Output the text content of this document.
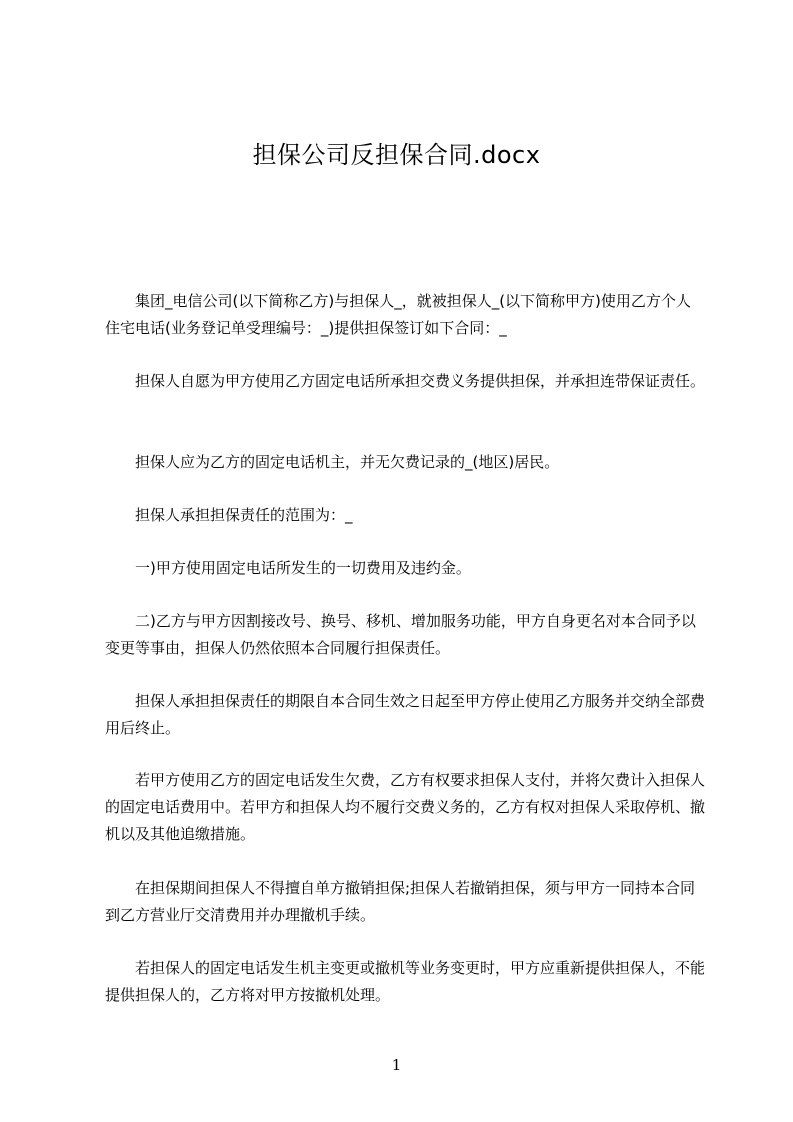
担保公司反担保合同.docx

集团_电信公司(以下简称乙方)与担保人_，就被担保人_(以下简称甲方)使用乙方个人住宅电话(业务登记单受理编号：_)提供担保签订如下合同：_

担保人自愿为甲方使用乙方固定电话所承担交费义务提供担保，并承担连带保证责任。

担保人应为乙方的固定电话机主，并无欠费记录的_(地区)居民。

担保人承担担保责任的范围为：_

一)甲方使用固定电话所发生的一切费用及违约金。

二)乙方与甲方因割接改号、换号、移机、增加服务功能，甲方自身更名对本合同予以变更等事由，担保人仍然依照本合同履行担保责任。

担保人承担担保责任的期限自本合同生效之日起至甲方停止使用乙方服务并交纳全部费用后终止。

若甲方使用乙方的固定电话发生欠费，乙方有权要求担保人支付，并将欠费计入担保人的固定电话费用中。若甲方和担保人均不履行交费义务的，乙方有权对担保人采取停机、撤机以及其他追缴措施。

在担保期间担保人不得擅自单方撤销担保;担保人若撤销担保，须与甲方一同持本合同到乙方营业厅交清费用并办理撤机手续。

若担保人的固定电话发生机主变更或撤机等业务变更时，甲方应重新提供担保人，不能提供担保人的，乙方将对甲方按撤机处理。

1
